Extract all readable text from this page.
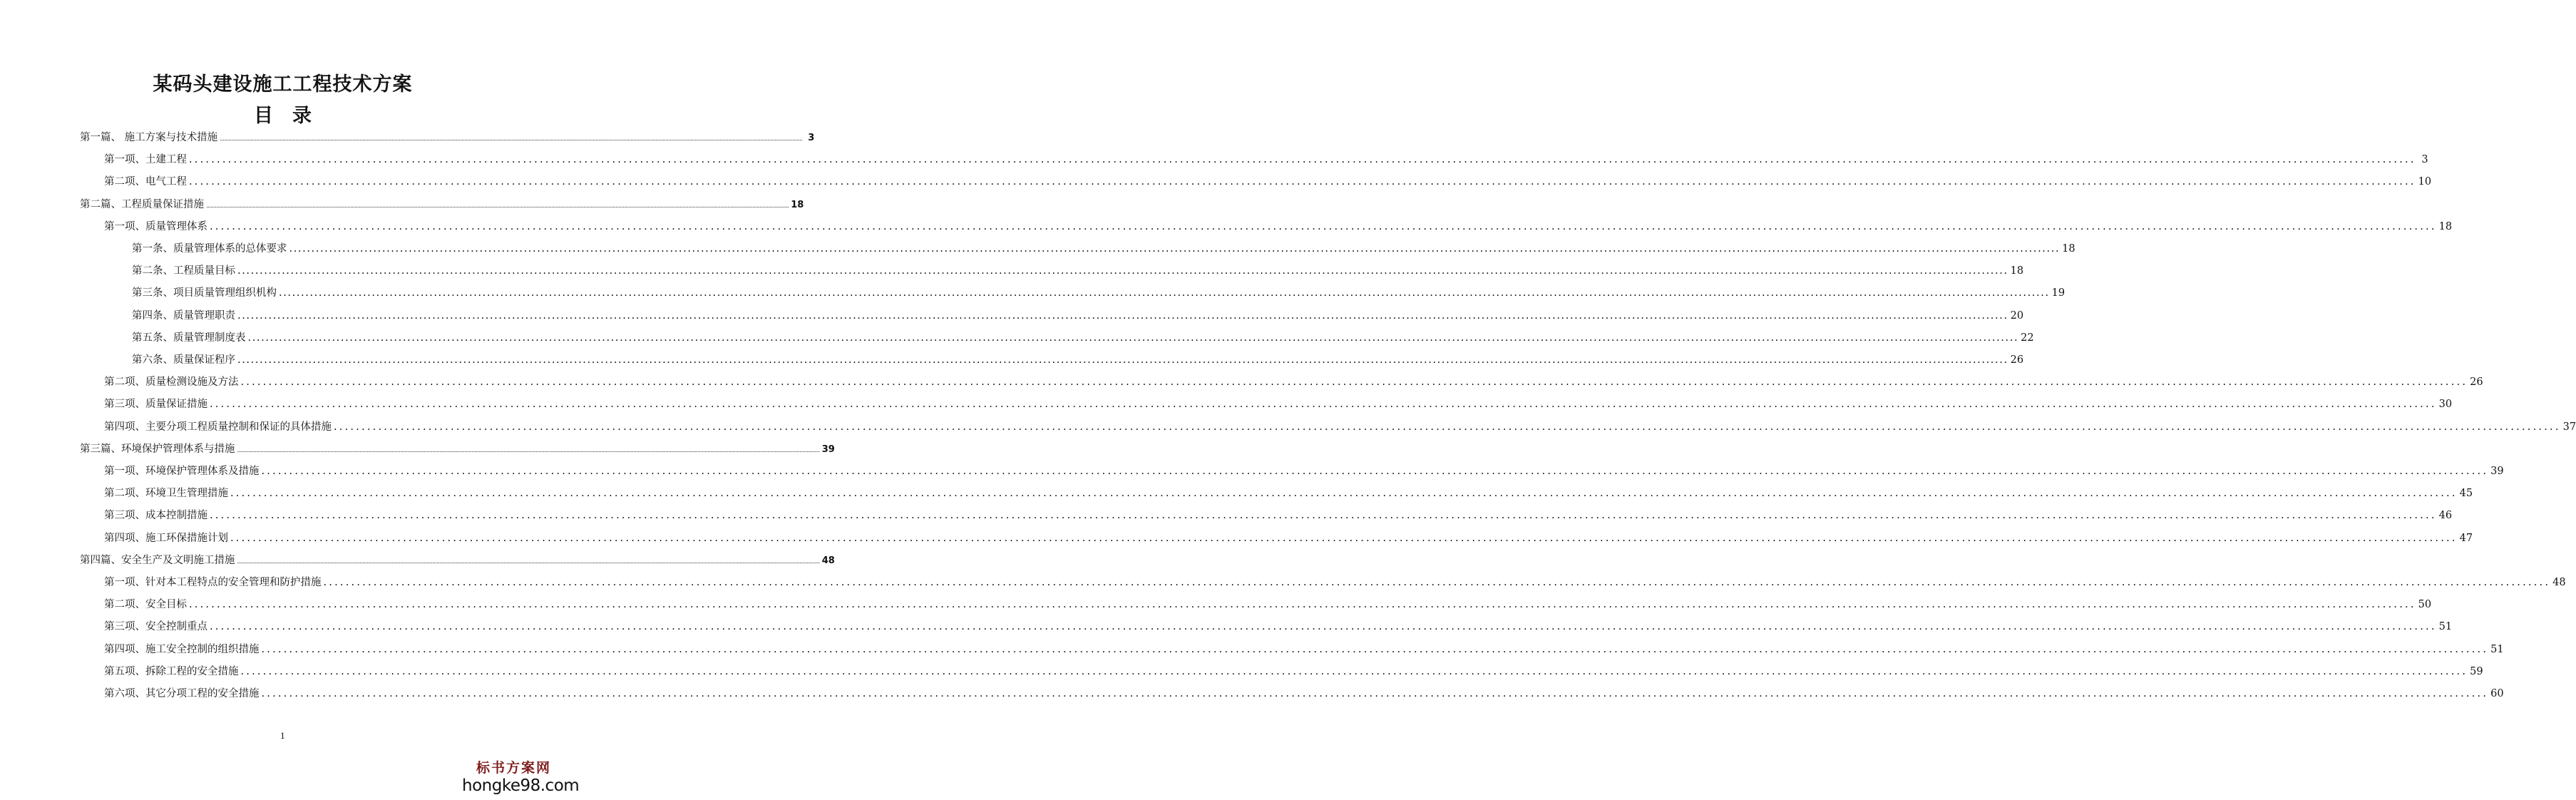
某码头建设施工工程技术方案
目　录
第一篇、 施工方案与技术措施 ................................................................................................................................................................................................................................................................................................................................................................................................................ 3
第一项、土建工程 ................................................................................................................................................................................................................................................................................................................................................................................................................ 3
第二项、电气工程 ................................................................................................................................................................................................................................................................................................................................................................................................................ 10
第二篇、工程质量保证措施 ................................................................................................................................................................................................................................................................................................................................................................................................................ 18
第一项、质量管理体系 ................................................................................................................................................................................................................................................................................................................................................................................................................ 18
第一条、质量管理体系的总体要求 ................................................................................................................................................................................................................................................................................................................................................................................................................ 18
第二条、工程质量目标 ................................................................................................................................................................................................................................................................................................................................................................................................................ 18
第三条、项目质量管理组织机构 ................................................................................................................................................................................................................................................................................................................................................................................................................ 19
第四条、质量管理职责 ................................................................................................................................................................................................................................................................................................................................................................................................................ 20
第五条、质量管理制度表 ................................................................................................................................................................................................................................................................................................................................................................................................................ 22
第六条、质量保证程序 ................................................................................................................................................................................................................................................................................................................................................................................................................ 26
第二项、质量检测设施及方法 ................................................................................................................................................................................................................................................................................................................................................................................................................ 26
第三项、质量保证措施 ................................................................................................................................................................................................................................................................................................................................................................................................................ 30
第四项、主要分项工程质量控制和保证的具体措施 ................................................................................................................................................................................................................................................................................................................................................................................................................ 37
第三篇、环境保护管理体系与措施 ................................................................................................................................................................................................................................................................................................................................................................................................................ 39
第一项、环境保护管理体系及措施 ................................................................................................................................................................................................................................................................................................................................................................................................................ 39
第二项、环境卫生管理措施 ................................................................................................................................................................................................................................................................................................................................................................................................................ 45
第三项、成本控制措施 ................................................................................................................................................................................................................................................................................................................................................................................................................ 46
第四项、施工环保措施计划 ................................................................................................................................................................................................................................................................................................................................................................................................................ 47
第四篇、安全生产及文明施工措施 ................................................................................................................................................................................................................................................................................................................................................................................................................ 48
第一项、针对本工程特点的安全管理和防护措施 ................................................................................................................................................................................................................................................................................................................................................................................................................ 48
第二项、安全目标 ................................................................................................................................................................................................................................................................................................................................................................................................................ 50
第三项、安全控制重点 ................................................................................................................................................................................................................................................................................................................................................................................................................ 51
第四项、施工安全控制的组织措施 ................................................................................................................................................................................................................................................................................................................................................................................................................ 51
第五项、拆除工程的安全措施 ................................................................................................................................................................................................................................................................................................................................................................................................................ 59
第六项、其它分项工程的安全措施 ................................................................................................................................................................................................................................................................................................................................................................................................................ 60
1
标书方案网
hongke98.com
